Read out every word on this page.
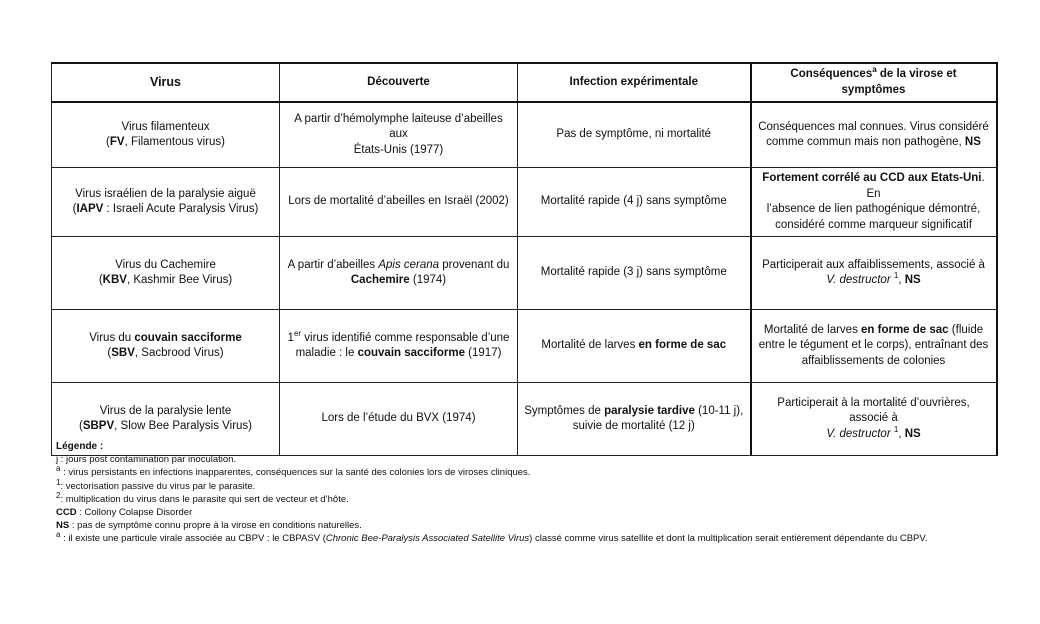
Virus	Découverte	Infection expérimentale	Conséquences$^a$ de la virose et symptômes

Virus filamenteux
(FV, Filamentous virus)	A partir d’hémolymphe laiteuse d’abeilles aux
États-Unis (1977)	Pas de symptôme, ni mortalité	Conséquences mal connues. Virus considéré
comme commun mais non pathogène, NS

Virus israélien de la paralysie aiguë
(IAPV : Israeli Acute Paralysis Virus)	Lors de mortalité d’abeilles en Israël (2002)	Mortalité rapide (4 j) sans symptôme	Fortement corrélé au CCD aux Etats-Uni. En
l’absence de lien pathogénique démontré,
considéré comme marqueur significatif

Virus du Cachemire
(KBV, Kashmir Bee Virus)	A partir d’abeilles Apis cerana provenant du
Cachemire (1974)	Mortalité rapide (3 j) sans symptôme	Participerait aux affaiblissements, associé à
V. destructor $^1$, NS

Virus du couvain sacciforme
(SBV, Sacbrood Virus)	1er virus identifié comme responsable d’une
maladie : le couvain sacciforme (1917)	Mortalité de larves en forme de sac	Mortalité de larves en forme de sac (fluide
entre le tégument et le corps), entraînant des
affaiblissements de colonies

Virus de la paralysie lente
(SBPV, Slow Bee Paralysis Virus)	Lors de l’étude du BVX (1974)	Symptômes de paralysie tardive (10-11 j),
suivie de mortalité (12 j)	Participerait à la mortalité d’ouvrières, associé à
V. destructor $^1$, NS
Légende :
j : jours post contamination par inoculation.
$^a$ : virus persistants en infections inapparentes, conséquences sur la santé des colonies lors de viroses cliniques.
$^1$: vectorisation passive du virus par le parasite.
$^2$: multiplication du virus dans le parasite qui sert de vecteur et d’hôte.
CCD : Collony Colapse Disorder
NS : pas de symptôme connu propre à la virose en conditions naturelles.
$^a$ : il existe une particule virale associée au CBPV : le CBPASV (Chronic Bee-Paralysis Associated Satellite Virus) classé comme virus satellite et dont la multiplication serait entièrement dépendante du CBPV.
